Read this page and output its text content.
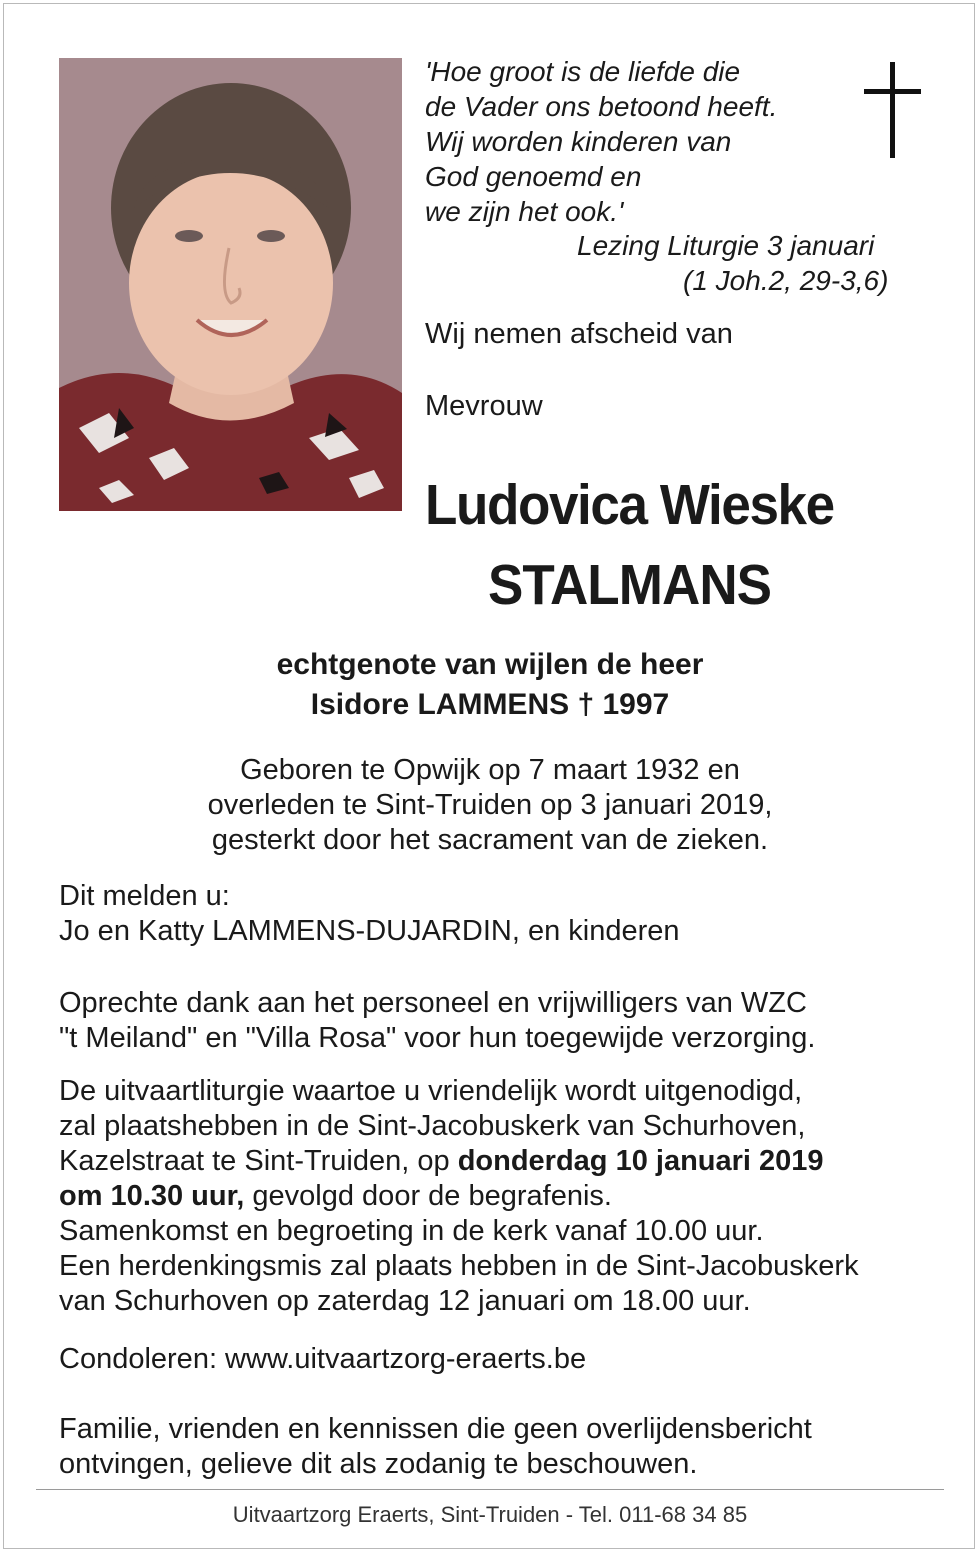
'Hoe groot is de liefde die
de Vader ons betoond heeft.
Wij worden kinderen van
God genoemd en
we zijn het ook.'
Lezing Liturgie 3 januari
(1 Joh.2, 29-3,6)
Wij nemen afscheid van
Mevrouw
Ludovica Wieske
STALMANS
echtgenote van wijlen de heer
Isidore LAMMENS † 1997
Geboren te Opwijk op 7 maart 1932 en
overleden te Sint-Truiden op 3 januari 2019,
gesterkt door het sacrament van de zieken.
Dit melden u:
Jo en Katty LAMMENS-DUJARDIN, en kinderen
Oprechte dank aan het personeel en vrijwilligers van WZC
"t Meiland" en "Villa Rosa" voor hun toegewijde verzorging.
De uitvaartliturgie waartoe u vriendelijk wordt uitgenodigd,
zal plaatshebben in de Sint-Jacobuskerk van Schurhoven,
Kazelstraat te Sint-Truiden, op donderdag 10 januari 2019
om 10.30 uur, gevolgd door de begrafenis.
Samenkomst en begroeting in de kerk vanaf 10.00 uur.
Een herdenkingsmis zal plaats hebben in de Sint-Jacobuskerk
van Schurhoven op zaterdag 12 januari om 18.00 uur.
Condoleren: www.uitvaartzorg-eraerts.be
Familie, vrienden en kennissen die geen overlijdensbericht
ontvingen, gelieve dit als zodanig te beschouwen.
Uitvaartzorg Eraerts, Sint-Truiden - Tel. 011-68 34 85
